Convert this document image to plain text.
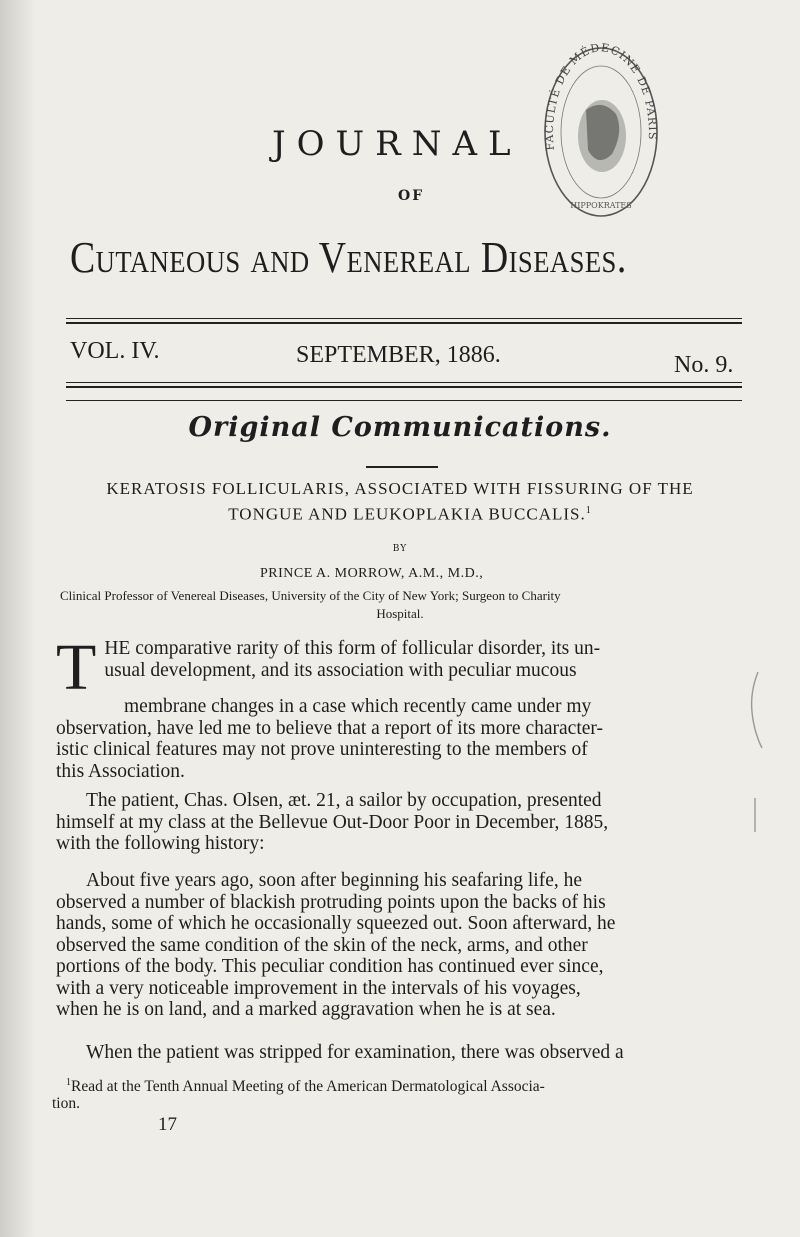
FACULTÉ DE MÉDECINE DE PARIS
HIPPOKRATES
JOURNAL
OF
Cutaneous and Venereal Diseases.
VOL. IV.	SEPTEMBER, 1886.	No. 9.
Original Communications.
KERATOSIS FOLLICULARIS, ASSOCIATED WITH FISSURING OF THE
TONGUE AND LEUKOPLAKIA BUCCALIS.$^1$
BY
PRINCE A. MORROW, A.M., M.D.,
Clinical Professor of Venereal Diseases, University of the City of New York; Surgeon to Charity
Hospital.
T HE comparative rarity of this form of follicular disorder, its un-
usual development, and its association with peculiar mucous
membrane changes in a case which recently came under my
observation, have led me to believe that a report of its more character-
istic clinical features may not prove uninteresting to the members of
this Association.
The patient, Chas. Olsen, æt. 21, a sailor by occupation, presented
himself at my class at the Bellevue Out-Door Poor in December, 1885,
with the following history:
About five years ago, soon after beginning his seafaring life, he
observed a number of blackish protruding points upon the backs of his
hands, some of which he occasionally squeezed out. Soon afterward, he
observed the same condition of the skin of the neck, arms, and other
portions of the body. This peculiar condition has continued ever since,
with a very noticeable improvement in the intervals of his voyages,
when he is on land, and a marked aggravation when he is at sea.
When the patient was stripped for examination, there was observed a
$^1$Read at the Tenth Annual Meeting of the American Dermatological Associa-
tion.
17
